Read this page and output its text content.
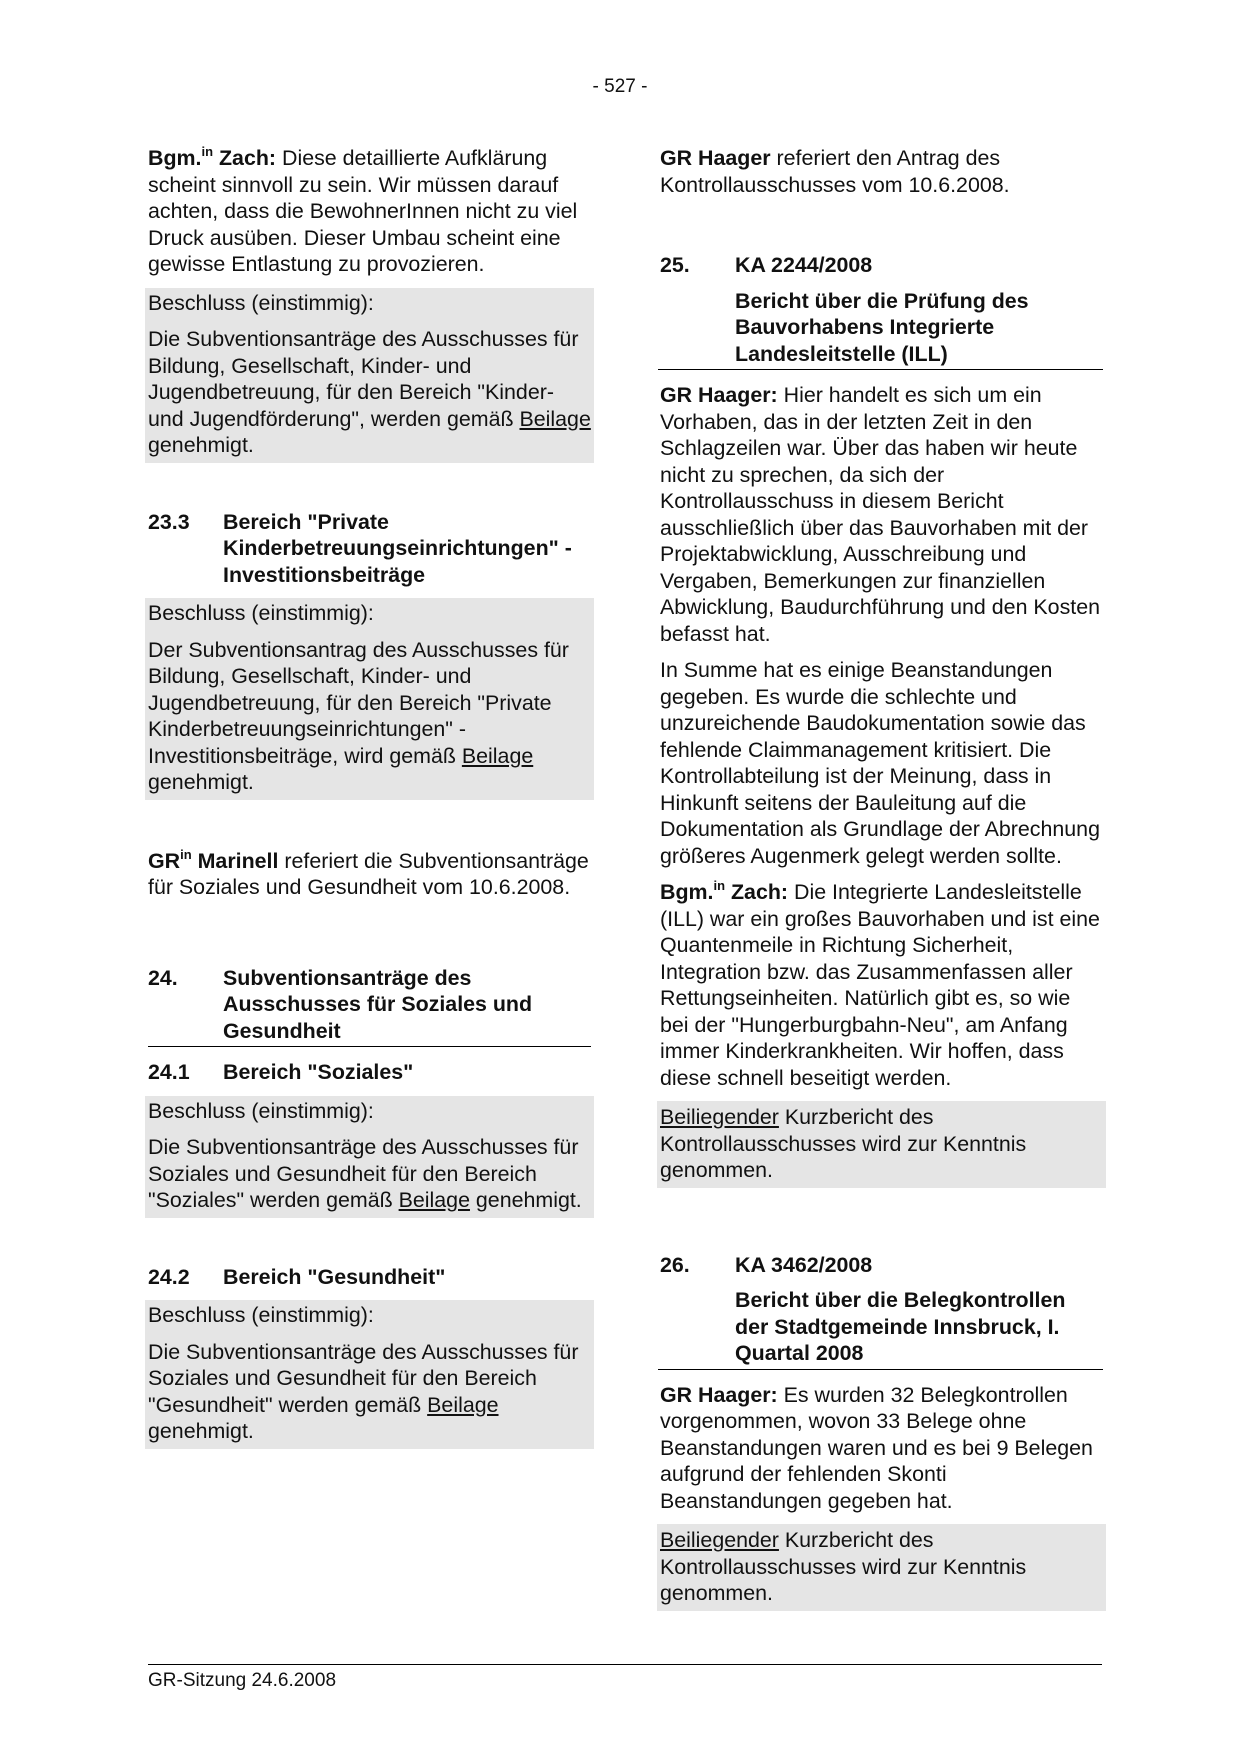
- 527 -

Bgm.$^{in}$ Zach: Diese detaillierte Aufklärung scheint sinnvoll zu sein. Wir müssen darauf achten, dass die BewohnerInnen nicht zu viel Druck ausüben. Dieser Umbau scheint eine gewisse Entlastung zu provozieren.

Beschluss (einstimmig):
Die Subventionsanträge des Ausschusses für Bildung, Gesellschaft, Kinder- und Jugendbetreuung, für den Bereich "Kinder- und Jugendförderung", werden gemäß Beilage genehmigt.
23.3	Bereich "Private Kinderbetreuungseinrichtungen" - Investitionsbeiträge
Beschluss (einstimmig):
Der Subventionsantrag des Ausschusses für Bildung, Gesellschaft, Kinder- und Jugendbetreuung, für den Bereich "Private Kinderbetreuungseinrichtungen" - Investitionsbeiträge, wird gemäß Beilage genehmigt.

$GR^{in}$ Marinell referiert die Subventionsanträge für Soziales und Gesundheit vom 10.6.2008.

24.	Subventionsanträge des Ausschusses für Soziales und Gesundheit
24.1	Bereich "Soziales"
Beschluss (einstimmig):
Die Subventionsanträge des Ausschusses für Soziales und Gesundheit für den Bereich "Soziales" werden gemäß Beilage genehmigt.
24.2	Bereich "Gesundheit"
Beschluss (einstimmig):
Die Subventionsanträge des Ausschusses für Soziales und Gesundheit für den Bereich "Gesundheit" werden gemäß Beilage genehmigt.

GR Haager referiert den Antrag des Kontrollausschusses vom 10.6.2008.

25.	KA 2244/2008
Bericht über die Prüfung des Bauvorhabens Integrierte Landesleitstelle (ILL)

GR Haager: Hier handelt es sich um ein Vorhaben, das in der letzten Zeit in den Schlagzeilen war. Über das haben wir heute nicht zu sprechen, da sich der Kontrollausschuss in diesem Bericht ausschließlich über das Bauvorhaben mit der Projektabwicklung, Ausschreibung und Vergaben, Bemerkungen zur finanziellen Abwicklung, Baudurchführung und den Kosten befasst hat.

In Summe hat es einige Beanstandungen gegeben. Es wurde die schlechte und unzureichende Baudokumentation sowie das fehlende Claimmanagement kritisiert. Die Kontrollabteilung ist der Meinung, dass in Hinkunft seitens der Bauleitung auf die Dokumentation als Grundlage der Abrechnung größeres Augenmerk gelegt werden sollte.

Bgm.$^{in}$ Zach: Die Integrierte Landesleitstelle (ILL) war ein großes Bauvorhaben und ist eine Quantenmeile in Richtung Sicherheit, Integration bzw. das Zusammenfassen aller Rettungseinheiten. Natürlich gibt es, so wie bei der "Hungerburgbahn-Neu", am Anfang immer Kinderkrankheiten. Wir hoffen, dass diese schnell beseitigt werden.

Beiliegender Kurzbericht des Kontrollausschusses wird zur Kenntnis genommen.
26.	KA 3462/2008
Bericht über die Belegkontrollen der Stadtgemeinde Innsbruck, I. Quartal 2008

GR Haager: Es wurden 32 Belegkontrollen vorgenommen, wovon 33 Belege ohne Beanstandungen waren und es bei 9 Belegen aufgrund der fehlenden Skonti Beanstandungen gegeben hat.

Beiliegender Kurzbericht des Kontrollausschusses wird zur Kenntnis genommen.
GR-Sitzung 24.6.2008
